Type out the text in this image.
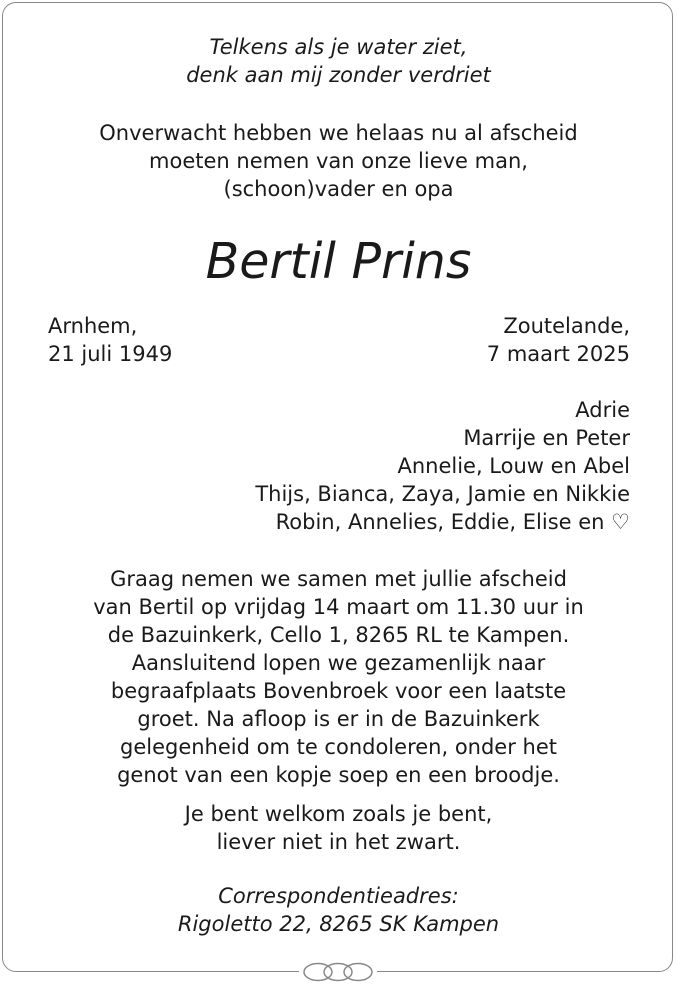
Telkens als je water ziet,
denk aan mij zonder verdriet
Onverwacht hebben we helaas nu al afscheid
moeten nemen van onze lieve man,
(schoon)vader en opa
Bertil Prins
Arnhem,
21 juli 1949
Zoutelande,
7 maart 2025
Adrie
Marrije en Peter
Annelie, Louw en Abel
Thijs, Bianca, Zaya, Jamie en Nikkie
Robin, Annelies, Eddie, Elise en ♡
Graag nemen we samen met jullie afscheid
van Bertil op vrijdag 14 maart om 11.30 uur in
de Bazuinkerk, Cello 1, 8265 RL te Kampen.
Aansluitend lopen we gezamenlijk naar
begraafplaats Bovenbroek voor een laatste
groet. Na afloop is er in de Bazuinkerk
gelegenheid om te condoleren, onder het
genot van een kopje soep en een broodje.
Je bent welkom zoals je bent,
liever niet in het zwart.
Correspondentieadres:
Rigoletto 22, 8265 SK Kampen
